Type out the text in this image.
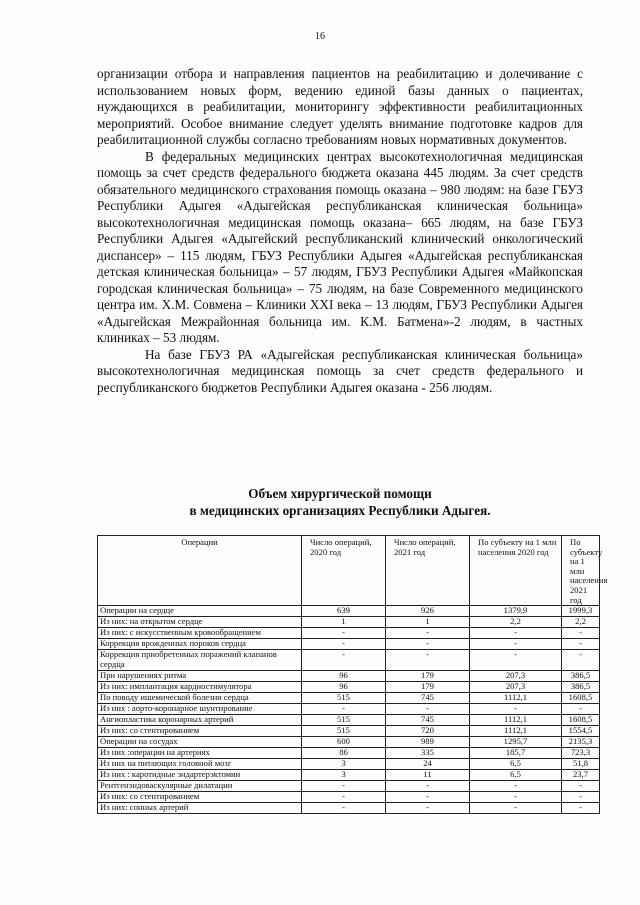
16

организации отбора и направления пациентов на реабилитацию и долечивание с использованием новых форм, ведению единой базы данных о пациентах, нуждающихся в реабилитации, мониторингу эффективности реабилитационных мероприятий. Особое внимание следует уделять внимание подготовке кадров для реабилитационной службы согласно требованиям новых нормативных документов.

В федеральных медицинских центрах высокотехнологичная медицинская помощь за счет средств федерального бюджета оказана 445 людям. За счет средств обязательного медицинского страхования помощь оказана – 980 людям: на базе ГБУЗ Республики Адыгея «Адыгейская республиканская клиническая больница» высокотехнологичная медицинская помощь оказана– 665 людям, на базе ГБУЗ Республики Адыгея «Адыгейский республиканский клинический онкологический диспансер» – 115 людям, ГБУЗ Республики Адыгея «Адыгейская республиканская детская клиническая больница» – 57 людям, ГБУЗ Республики Адыгея «Майкопская городская клиническая больница» – 75 людям, на базе Современного медицинского центра им. Х.М. Совмена – Клиники XXI века – 13 людям, ГБУЗ Республики Адыгея «Адыгейская Межрайонная больница им. К.М. Батмена»-2 людям, в частных клиниках – 53 людям.

На базе ГБУЗ РА «Адыгейская республиканская клиническая больница» высокотехнологичная медицинская помощь за счет средств федерального и республиканского бюджетов Республики Адыгея оказана - 256 людям.

Объем хирургической помощи
в медицинских организациях Республики Адыгея.
Операции	Число операций, 2020 год	Число операций, 2021 год	По субъекту на 1 млн населения 2020 год	По субъекту на 1 млн населения 2021 год
Операции на сердце	639	926	1379,9	1999,3
Из них: на открытом сердце	1	1	2,2	2,2
Из них: с искусственным кровообращением	-	-	-	-
Коррекция врожденных пороков сердца	-	-	-	-
Коррекция приобретенных поражений клапанов сердца	-	-	-	-
При нарушениях ритма	96	179	207,3	386,5
Из них: имплантация кардиостимулятора	96	179	207,3	386,5
По поводу ишемической болезни сердца	515	745	1112,1	1608,5
Из них : аорто-коронарное шунтирование	-	-	-	-
Ангиопластика коронарных артерий	515	745	1112,1	1608,5
Из них: со стентированием	515	720	1112,1	1554,5
Операции на сосудах	600	989	1295,7	2135,3
Из них :операции на артериях	86	335	185,7	723,3
Из них на питающих головной мозг	3	24	6,5	51,8
Из них : каротидные эндартерэктомии	3	11	6,5	23,7
Рентгенэндоваскулярные дилатации	-	-	-	-
Из них: со стентированием	-	-	-	-
Из них: сонных артерий	-	-	-	-
